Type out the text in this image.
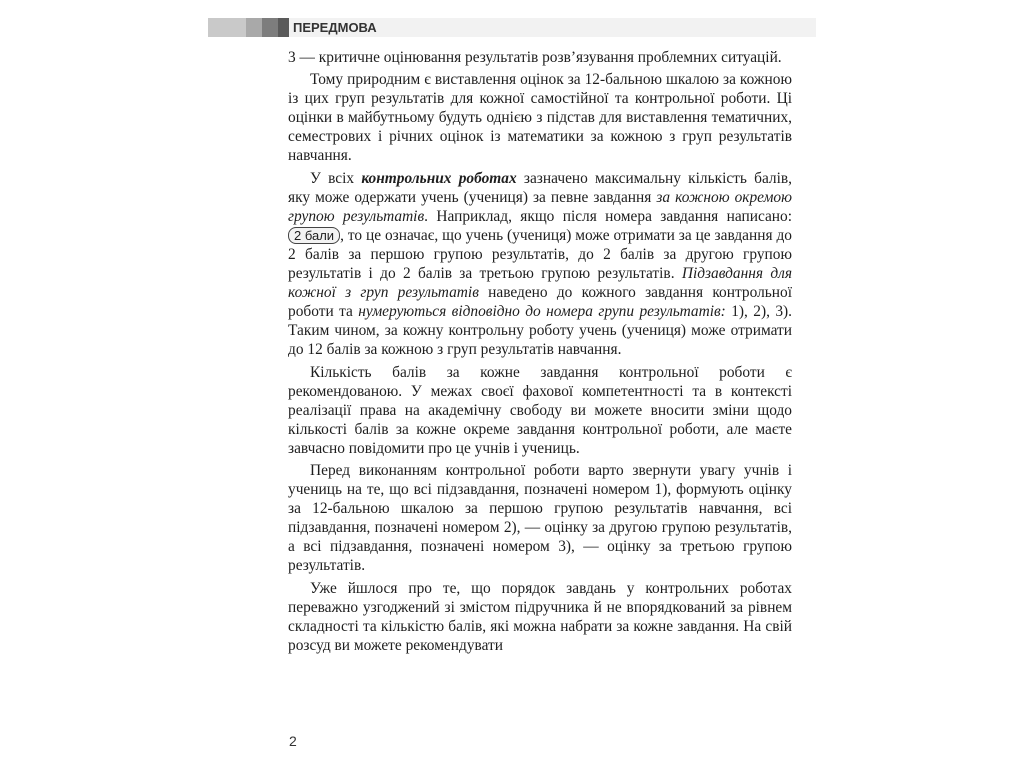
ПЕРЕДМОВА

3 — критичне оцінювання результатів розв’язування проблемних ситуацій.

Тому природним є виставлення оцінок за 12-бальною шкалою за кожною із цих груп результатів для кожної самостійної та контрольної роботи. Ці оцінки в майбутньому будуть однією з підстав для виставлення тематичних, семестрових і річних оцінок із математики за кожною з груп результатів навчання.

У всіх контрольних роботах зазначено максимальну кількість балів, яку може одержати учень (учениця) за певне завдання за кожною окремою групою результатів. Наприклад, якщо після номера завдання написано: 2 бали , то це означає, що учень (учениця) може отримати за це завдання до 2 балів за першою групою результатів, до 2 балів за другою групою результатів і до 2 балів за третьою групою результатів. Підзавдання для кожної з груп результатів наведено до кожного завдання контрольної роботи та нумеруються відповідно до номера групи результатів: 1), 2), 3). Таким чином, за кожну контрольну роботу учень (учениця) може отримати до 12 балів за кожною з груп результатів навчання.

Кількість балів за кожне завдання контрольної роботи є рекомендованою. У межах своєї фахової компетентності та в контексті реалізації права на академічну свободу ви можете вносити зміни щодо кількості балів за кожне окреме завдання контрольної роботи, але маєте завчасно повідомити про це учнів і учениць.

Перед виконанням контрольної роботи варто звернути увагу учнів і учениць на те, що всі підзавдання, позначені номером 1), формують оцінку за 12-бальною шкалою за першою групою результатів навчання, всі підзавдання, позначені номером 2), — оцінку за другою групою результатів, а всі підзавдання, позначені номером 3), — оцінку за третьою групою результатів.

Уже йшлося про те, що порядок завдань у контрольних роботах переважно узгоджений зі змістом підручника й не впорядкований за рівнем складності та кількістю балів, які можна набрати за кожне завдання. На свій розсуд ви можете рекомендувати

2
